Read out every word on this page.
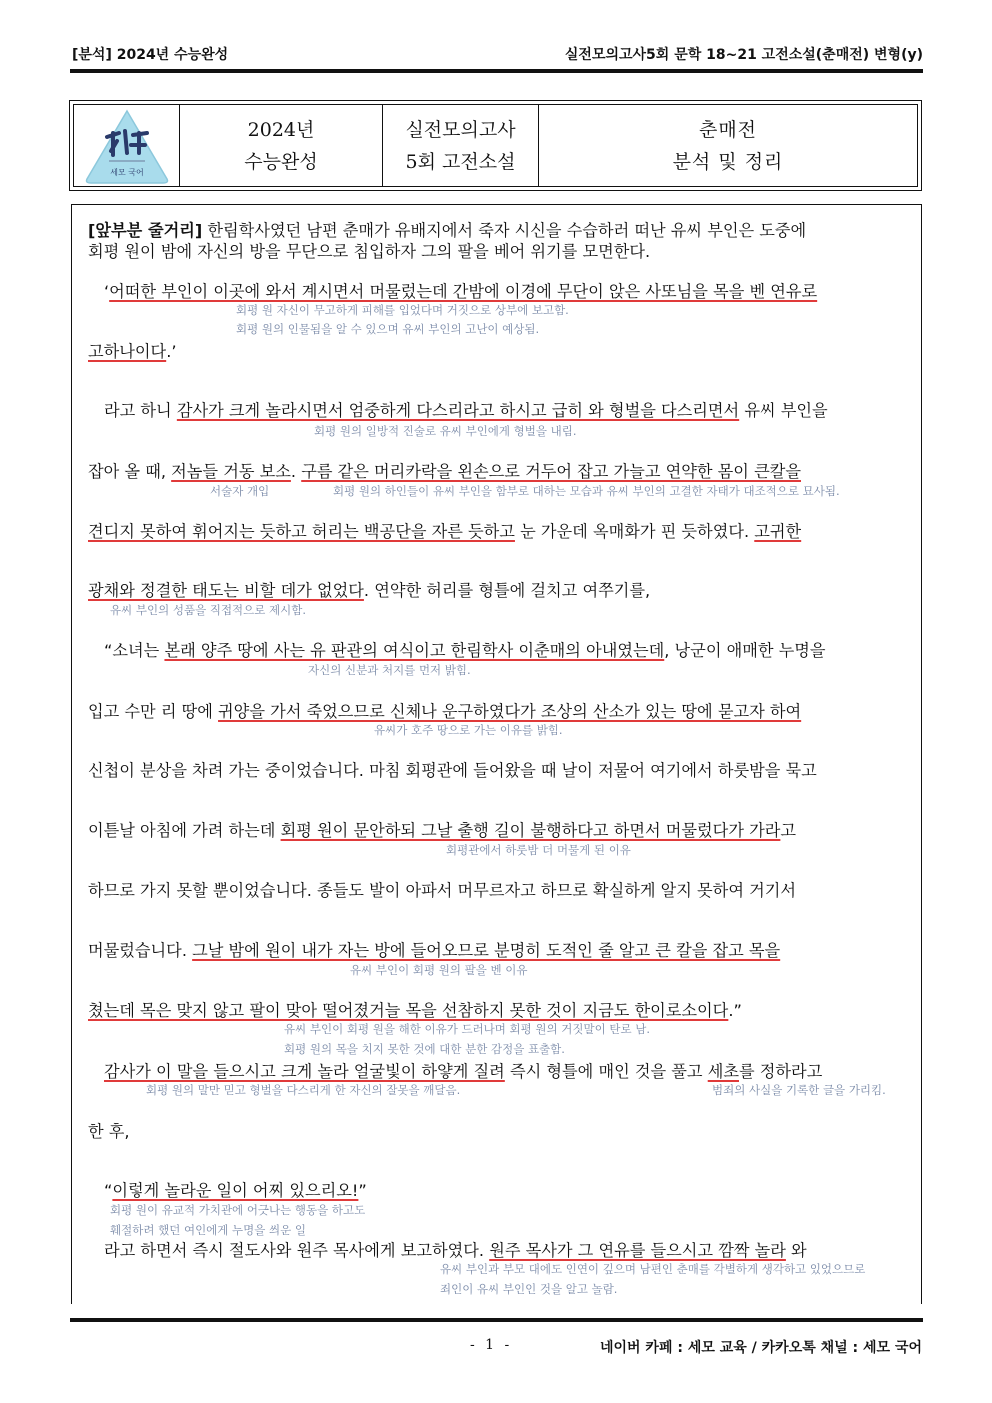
[분석] 2024년 수능완성	실전모의고사5회 문학 18~21 고전소설(춘매전) 변형(y)
세모 국어
2024년
수능완성
실전모의고사
5회 고전소설
춘매전
분석 및 정리
[앞부분 줄거리] 한림학사였던 남편 춘매가 유배지에서 죽자 시신을 수습하러 떠난 유씨 부인은 도중에
회평 원이 밤에 자신의 방을 무단으로 침입하자 그의 팔을 베어 위기를 모면한다.
‘어떠한 부인이 이곳에 와서 계시면서 머물렀는데 간밤에 이경에 무단이 앉은 사또님을 목을 벤 연유로
회평 원 자신이 무고하게 피해를 입었다며 거짓으로 상부에 보고함.
회평 원의 인물됨을 알 수 있으며 유씨 부인의 고난이 예상됨.
고하나이다.’
라고 하니 감사가 크게 놀라시면서 엄중하게 다스리라고 하시고 급히 와 형벌을 다스리면서 유씨 부인을
회평 원의 일방적 진술로 유씨 부인에게 형벌을 내림.
잡아 올 때, 저놈들 거동 보소. 구름 같은 머리카락을 왼손으로 거두어 잡고 가늘고 연약한 몸이 큰칼을
서술자 개입	회평 원의 하인들이 유씨 부인을 함부로 대하는 모습과 유씨 부인의 고결한 자태가 대조적으로 묘사됨.
견디지 못하여 휘어지는 듯하고 허리는 백공단을 자른 듯하고 눈 가운데 옥매화가 핀 듯하였다. 고귀한
광채와 정결한 태도는 비할 데가 없었다. 연약한 허리를 형틀에 걸치고 여쭈기를,
유씨 부인의 성품을 직접적으로 제시함.
“소녀는 본래 양주 땅에 사는 유 판관의 여식이고 한림학사 이춘매의 아내였는데, 낭군이 애매한 누명을
자신의 신분과 처지를 먼저 밝힘.
입고 수만 리 땅에 귀양을 가서 죽었으므로 신체나 운구하였다가 조상의 산소가 있는 땅에 묻고자 하여
유씨가 호주 땅으로 가는 이유를 밝힘.
신첩이 분상을 차려 가는 중이었습니다. 마침 회평관에 들어왔을 때 날이 저물어 여기에서 하룻밤을 묵고
이튿날 아침에 가려 하는데 회평 원이 문안하되 그날 출행 길이 불행하다고 하면서 머물렀다가 가라고
회평관에서 하룻밤 더 머물게 된 이유
하므로 가지 못할 뿐이었습니다. 종들도 발이 아파서 머무르자고 하므로 확실하게 알지 못하여 거기서
머물렀습니다. 그날 밤에 원이 내가 자는 방에 들어오므로 분명히 도적인 줄 알고 큰 칼을 잡고 목을
유씨 부인이 회평 원의 팔을 벤 이유
쳤는데 목은 맞지 않고 팔이 맞아 떨어졌거늘 목을 선참하지 못한 것이 지금도 한이로소이다.”
유씨 부인이 회평 원을 해한 이유가 드러나며 회평 원의 거짓말이 탄로 남.
회평 원의 목을 치지 못한 것에 대한 분한 감정을 표출함.
감사가 이 말을 들으시고 크게 놀라 얼굴빛이 하얗게 질려 즉시 형틀에 매인 것을 풀고 세초를 정하라고
회평 원의 말만 믿고 형벌을 다스리게 한 자신의 잘못을 깨달음.	범죄의 사실을 기록한 글을 가리킴.
한 후,
“이렇게 놀라운 일이 어찌 있으리오!”
회평 원이 유교적 가치관에 어긋나는 행동을 하고도
훼절하려 했던 여인에게 누명을 씌운 일
라고 하면서 즉시 절도사와 원주 목사에게 보고하였다. 원주 목사가 그 연유를 들으시고 깜짝 놀라 와
유씨 부인과 부모 대에도 인연이 깊으며 남편인 춘매를 각별하게 생각하고 있었으므로
죄인이 유씨 부인인 것을 알고 놀람.
- 1 -	네이버 카페 : 세모 교육 / 카카오톡 채널 : 세모 국어
